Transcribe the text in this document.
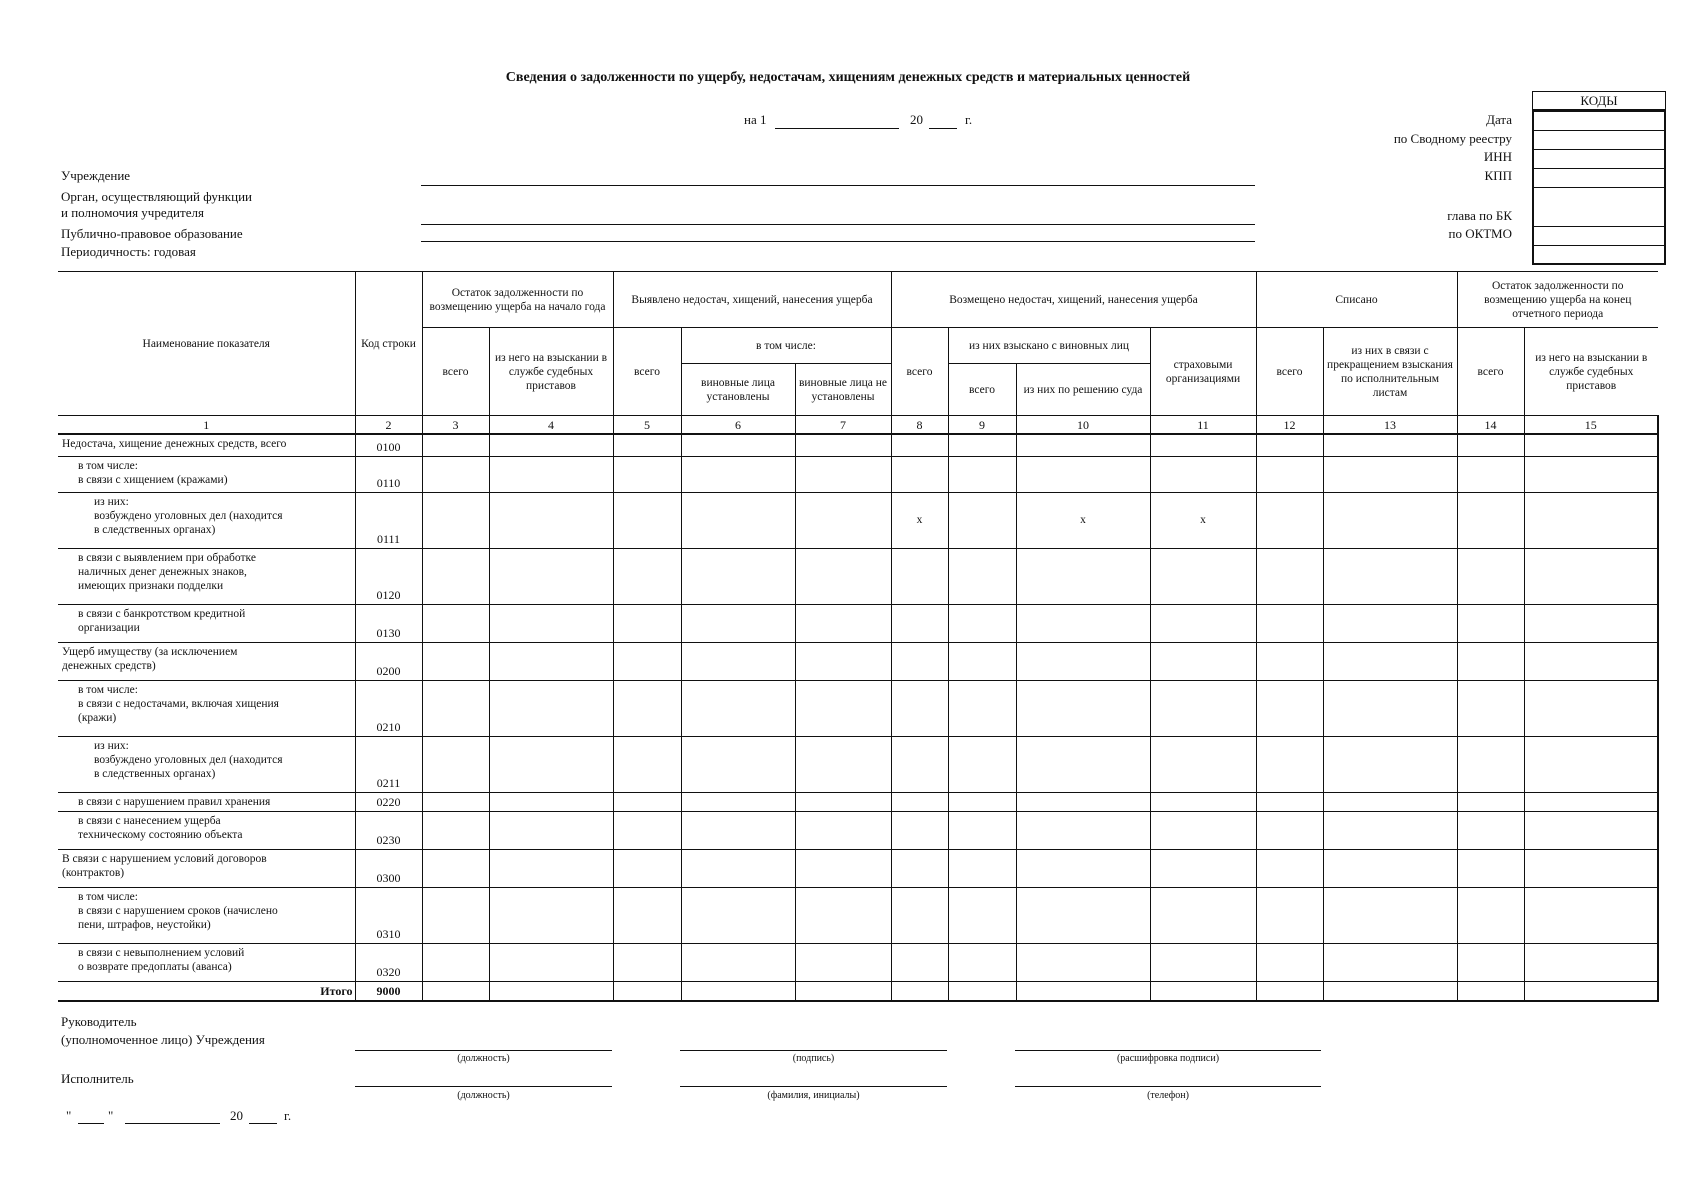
Сведения о задолженности по ущербу, недостачам, хищениям денежных средств и материальных ценностей
на 1	20	г.
КОДЫ
Дата
по Сводному реестру
ИНН
КПП
глава по БК
по ОКТМО
Учреждение
Орган, осуществляющий функции
и полномочия учредителя
Публично-правовое образование
Периодичность: годовая
Наименование показателя	Код строки	Остаток задолженности по возмещению ущерба на начало года		Выявлено недостач, хищений, нанесения ущерба			Возмещено недостач, хищений, нанесения ущерба				Списано		Остаток задолженности по возмещению ущерба на конец отчетного периода	
		всего	из него на взыскании в службе судебных приставов	всего	в том числе:		всего	из них взыскано с виновных лиц		страховыми организациями	всего	из них в связи с прекращением взыскания по исполнительным листам	всего	из него на взыскании в службе судебных приставов
					виновные лица установлены	виновные лица не установлены		всего	из них по решению суда					
1	2	3	4	5	6	7	8	9	10	11	12	13	14	15
Недостача, хищение денежных средств, всего	0100													
в том числе:
в связи с хищением (кражами)	0110													
из них:
возбуждено уголовных дел (находится
в следственных органах)	0111						x		x	x				
в связи с выявлением при обработке
наличных денег денежных знаков,
имеющих признаки подделки	0120													
в связи с банкротством кредитной
организации	0130													
Ущерб имуществу (за исключением
денежных средств)	0200													
в том числе:
в связи с недостачами, включая хищения
(кражи)	0210													
из них:
возбуждено уголовных дел (находится
в следственных органах)	0211													
в связи с нарушением правил хранения	0220													
в связи с нанесением ущерба
техническому состоянию объекта	0230													
В связи с нарушением условий договоров
(контрактов)	0300													
в том числе:
в связи с нарушением сроков (начислено
пени, штрафов, неустойки)	0310													
в связи с невыполнением условий
о возврате предоплаты (аванса)	0320													
Итого	9000													
Руководитель
(уполномоченное лицо) Учреждения
(должность)	(подпись)	(расшифровка подписи)
Исполнитель
(должность)	(фамилия, инициалы)	(телефон)
"	"	20	г.
